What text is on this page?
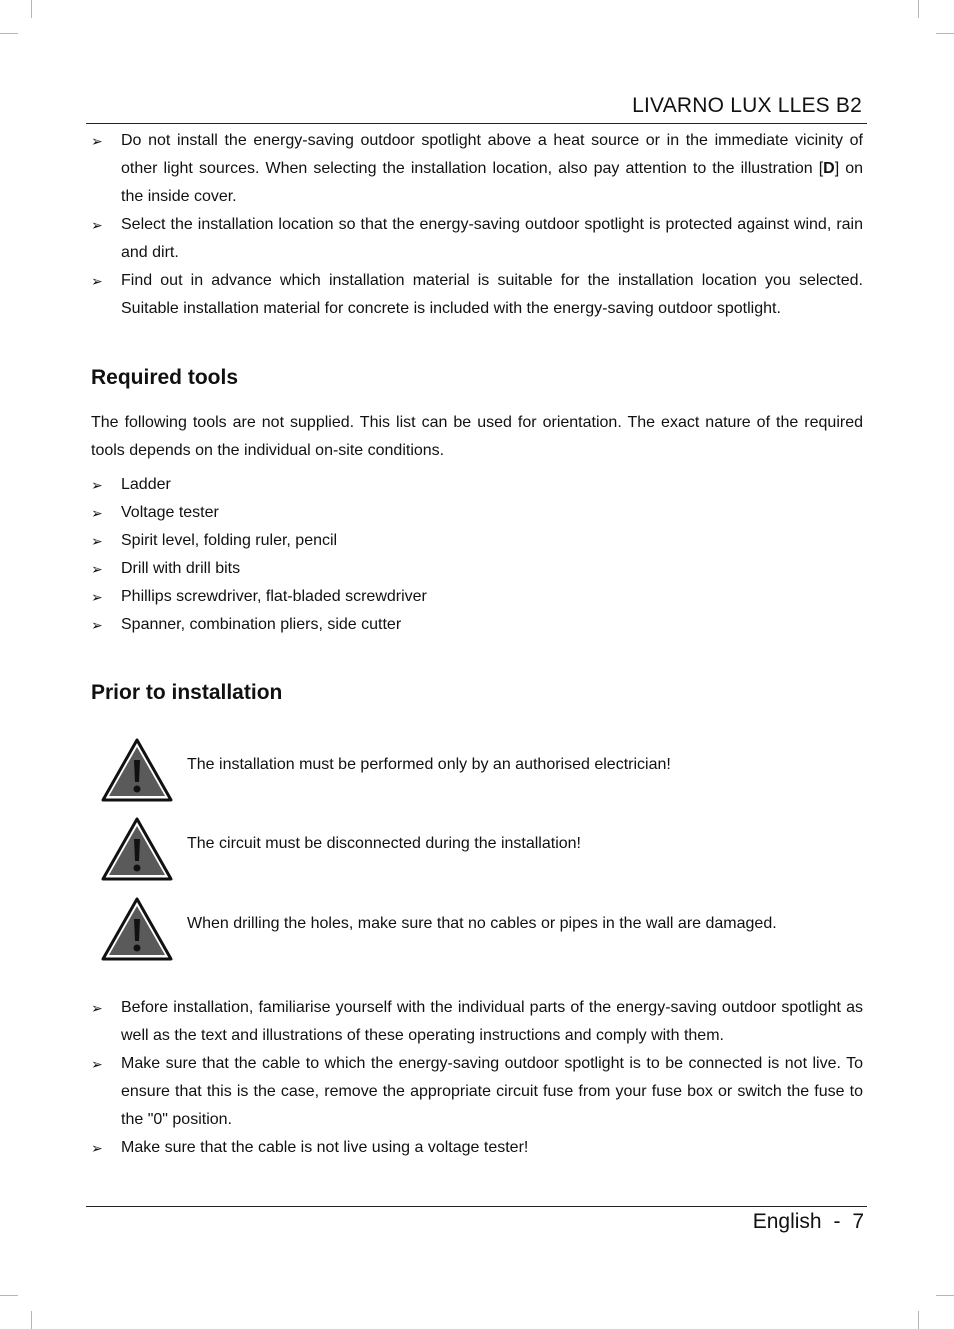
LIVARNO LUX LLES B2
➢	Do not install the energy-saving outdoor spotlight above a heat source or in the immediate vicinity of other light sources. When selecting the installation location, also pay attention to the illustration [D] on the inside cover.
➢	Select the installation location so that the energy-saving outdoor spotlight is protected against wind, rain and dirt.
➢	Find out in advance which installation material is suitable for the installation location you selected. Suitable installation material for concrete is included with the energy-saving outdoor spotlight.
Required tools

The following tools are not supplied. This list can be used for orientation. The exact nature of the required tools depends on the individual on-site conditions.

➢	Ladder
➢	Voltage tester
➢	Spirit level, folding ruler, pencil
➢	Drill with drill bits
➢	Phillips screwdriver, flat-bladed screwdriver
➢	Spanner, combination pliers, side cutter
Prior to installation
The installation must be performed only by an authorised electrician!
The circuit must be disconnected during the installation!
When drilling the holes, make sure that no cables or pipes in the wall are damaged.
➢	Before installation, familiarise yourself with the individual parts of the energy-saving outdoor spotlight as well as the text and illustrations of these operating instructions and comply with them.
➢	Make sure that the cable to which the energy-saving outdoor spotlight is to be connected is not live. To ensure that this is the case, remove the appropriate circuit fuse from your fuse box or switch the fuse to the "0" position.
➢	Make sure that the cable is not live using a voltage tester!
English - 7
